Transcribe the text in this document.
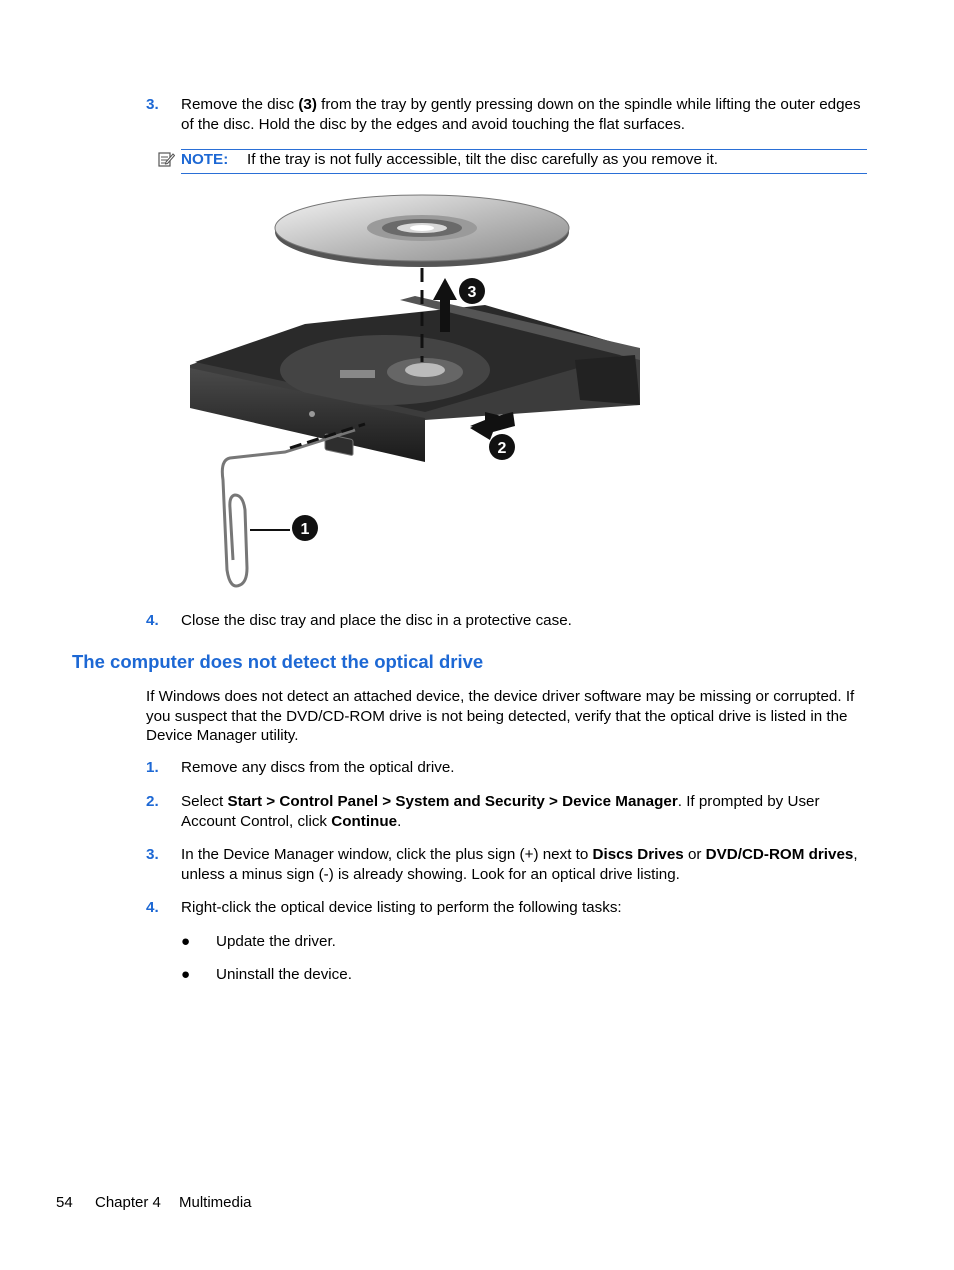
3. Remove the disc (3) from the tray by gently pressing down on the spindle while lifting the outer edges of the disc. Hold the disc by the edges and avoid touching the flat surfaces.
NOTE: If the tray is not fully accessible, tilt the disc carefully as you remove it.
1
2
3
4. Close the disc tray and place the disc in a protective case.
The computer does not detect the optical drive
If Windows does not detect an attached device, the device driver software may be missing or corrupted. If you suspect that the DVD/CD-ROM drive is not being detected, verify that the optical drive is listed in the Device Manager utility.
1. Remove any discs from the optical drive.
2. Select Start > Control Panel > System and Security > Device Manager. If prompted by User Account Control, click Continue.
3. In the Device Manager window, click the plus sign (+) next to Discs Drives or DVD/CD-ROM drives, unless a minus sign (-) is already showing. Look for an optical drive listing.
4. Right-click the optical device listing to perform the following tasks:
● Update the driver.
● Uninstall the device.
54 Chapter 4 Multimedia
